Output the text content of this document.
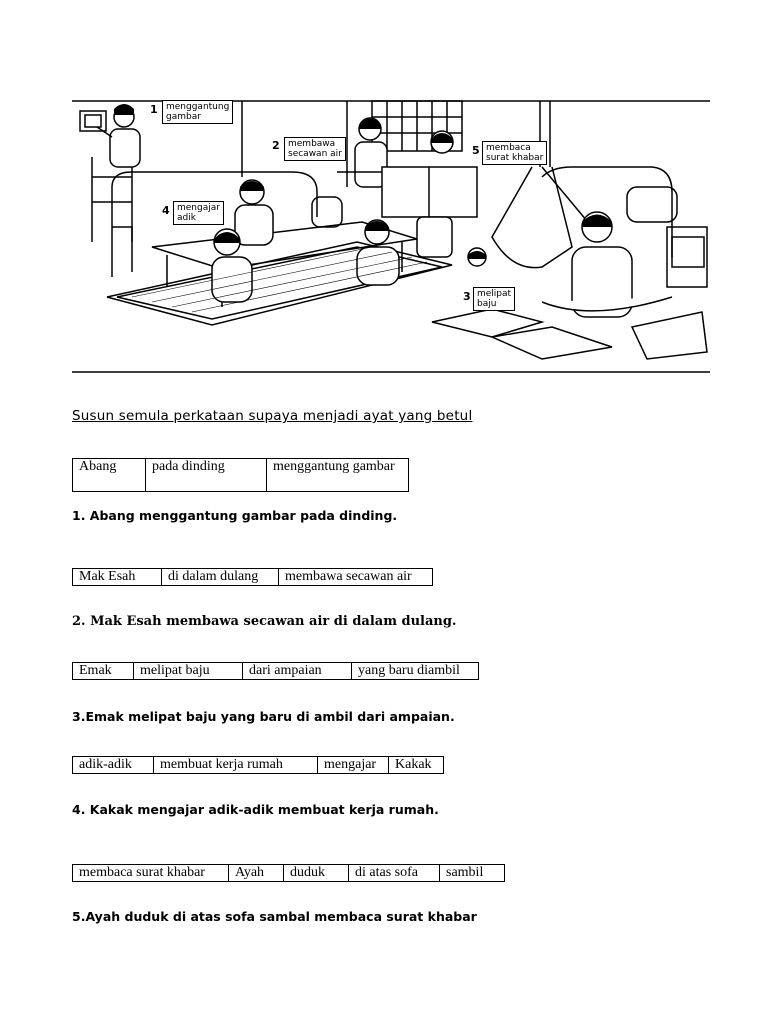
1 menggantung
gambar
2 membawa
secawan air	5 membaca
surat khabar
4 mengajar
adik
3 melipat
baju
Susun semula perkataan supaya menjadi ayat yang betul
Abang	pada dinding	menggantung gambar
1. Abang menggantung gambar pada dinding.
Mak Esah	di dalam dulang	membawa secawan air
2. Mak Esah membawa secawan air di dalam dulang.
Emak	melipat baju	dari ampaian	yang baru diambil
3.Emak melipat baju yang baru di ambil dari ampaian.
adik-adik	membuat kerja rumah	mengajar	Kakak
4. Kakak mengajar adik-adik membuat kerja rumah.
membaca surat khabar	Ayah	duduk	di atas sofa	sambil
5.Ayah duduk di atas sofa sambal membaca surat khabar
